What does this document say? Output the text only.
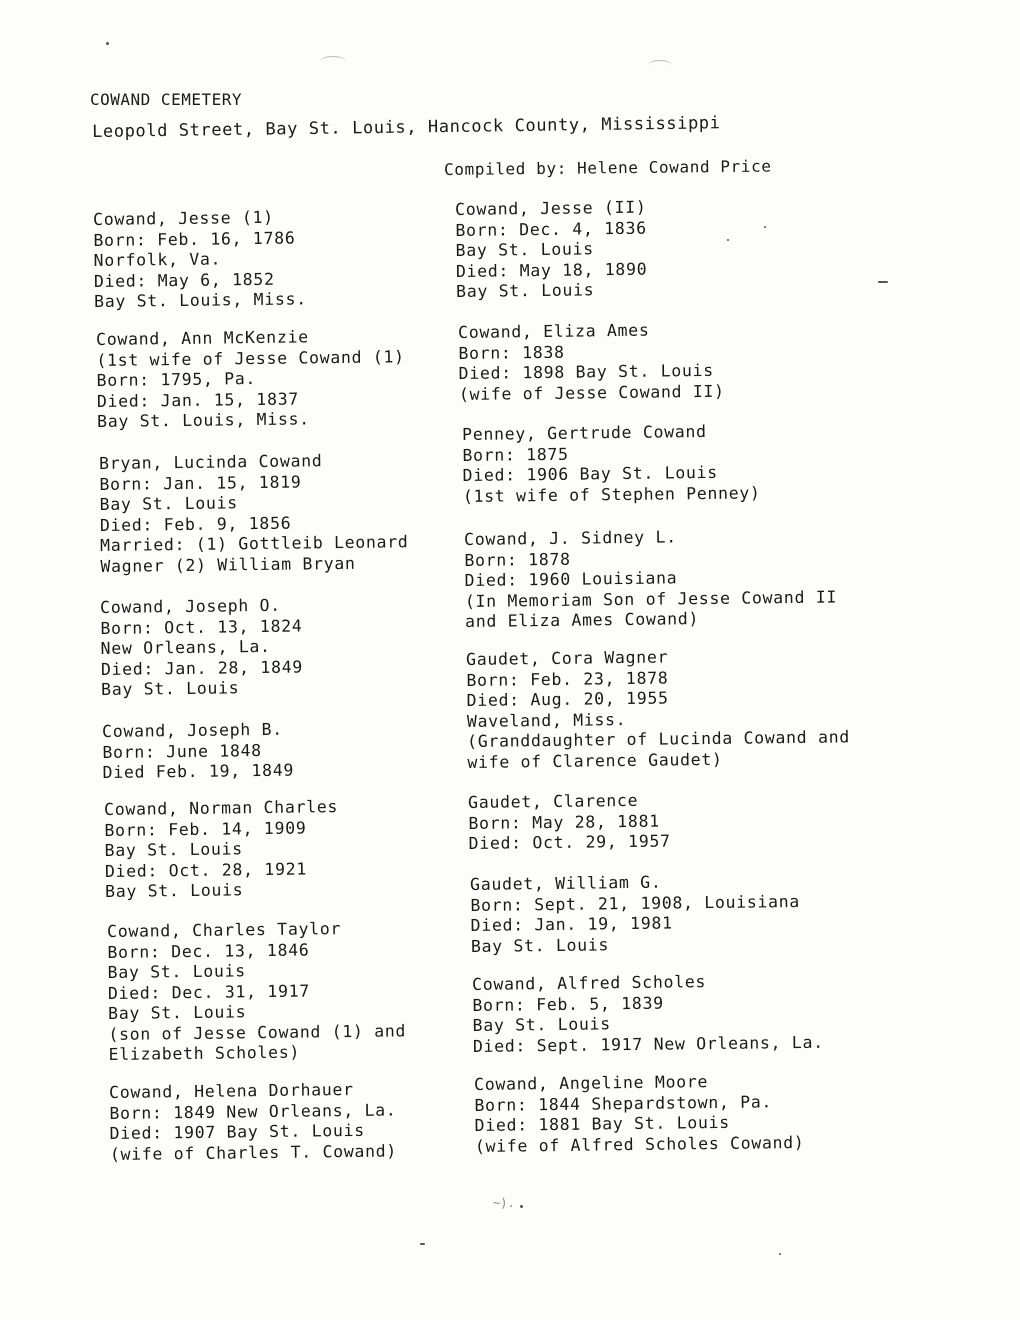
COWAND CEMETERY
Leopold Street, Bay St. Louis, Hancock County, Mississippi
Compiled by: Helene Cowand Price
Cowand, Jesse (1)
Born: Feb. 16, 1786
Norfolk, Va.
Died: May 6, 1852
Bay St. Louis, Miss.
Cowand, Ann McKenzie
(1st wife of Jesse Cowand (1)
Born: 1795, Pa.
Died: Jan. 15, 1837
Bay St. Louis, Miss.
Bryan, Lucinda Cowand
Born: Jan. 15, 1819
Bay St. Louis
Died: Feb. 9, 1856
Married: (1) Gottleib Leonard
Wagner (2) William Bryan
Cowand, Joseph O.
Born: Oct. 13, 1824
New Orleans, La.
Died: Jan. 28, 1849
Bay St. Louis
Cowand, Joseph B.
Born: June 1848
Died Feb. 19, 1849
Cowand, Norman Charles
Born: Feb. 14, 1909
Bay St. Louis
Died: Oct. 28, 1921
Bay St. Louis
Cowand, Charles Taylor
Born: Dec. 13, 1846
Bay St. Louis
Died: Dec. 31, 1917
Bay St. Louis
(son of Jesse Cowand (1) and
Elizabeth Scholes)
Cowand, Helena Dorhauer
Born: 1849 New Orleans, La.
Died: 1907 Bay St. Louis
(wife of Charles T. Cowand)
Cowand, Jesse (II)
Born: Dec. 4, 1836
Bay St. Louis
Died: May 18, 1890
Bay St. Louis
Cowand, Eliza Ames
Born: 1838
Died: 1898 Bay St. Louis
(wife of Jesse Cowand II)
Penney, Gertrude Cowand
Born: 1875
Died: 1906 Bay St. Louis
(1st wife of Stephen Penney)
Cowand, J. Sidney L.
Born: 1878
Died: 1960 Louisiana
(In Memoriam Son of Jesse Cowand II
and Eliza Ames Cowand)
Gaudet, Cora Wagner
Born: Feb. 23, 1878
Died: Aug. 20, 1955
Waveland, Miss.
(Granddaughter of Lucinda Cowand and
wife of Clarence Gaudet)
Gaudet, Clarence
Born: May 28, 1881
Died: Oct. 29, 1957
Gaudet, William G.
Born: Sept. 21, 1908, Louisiana
Died: Jan. 19, 1981
Bay St. Louis
Cowand, Alfred Scholes
Born: Feb. 5, 1839
Bay St. Louis
Died: Sept. 1917 New Orleans, La.
Cowand, Angeline Moore
Born: 1844 Shepardstown, Pa.
Died: 1881 Bay St. Louis
(wife of Alfred Scholes Cowand)
~).
